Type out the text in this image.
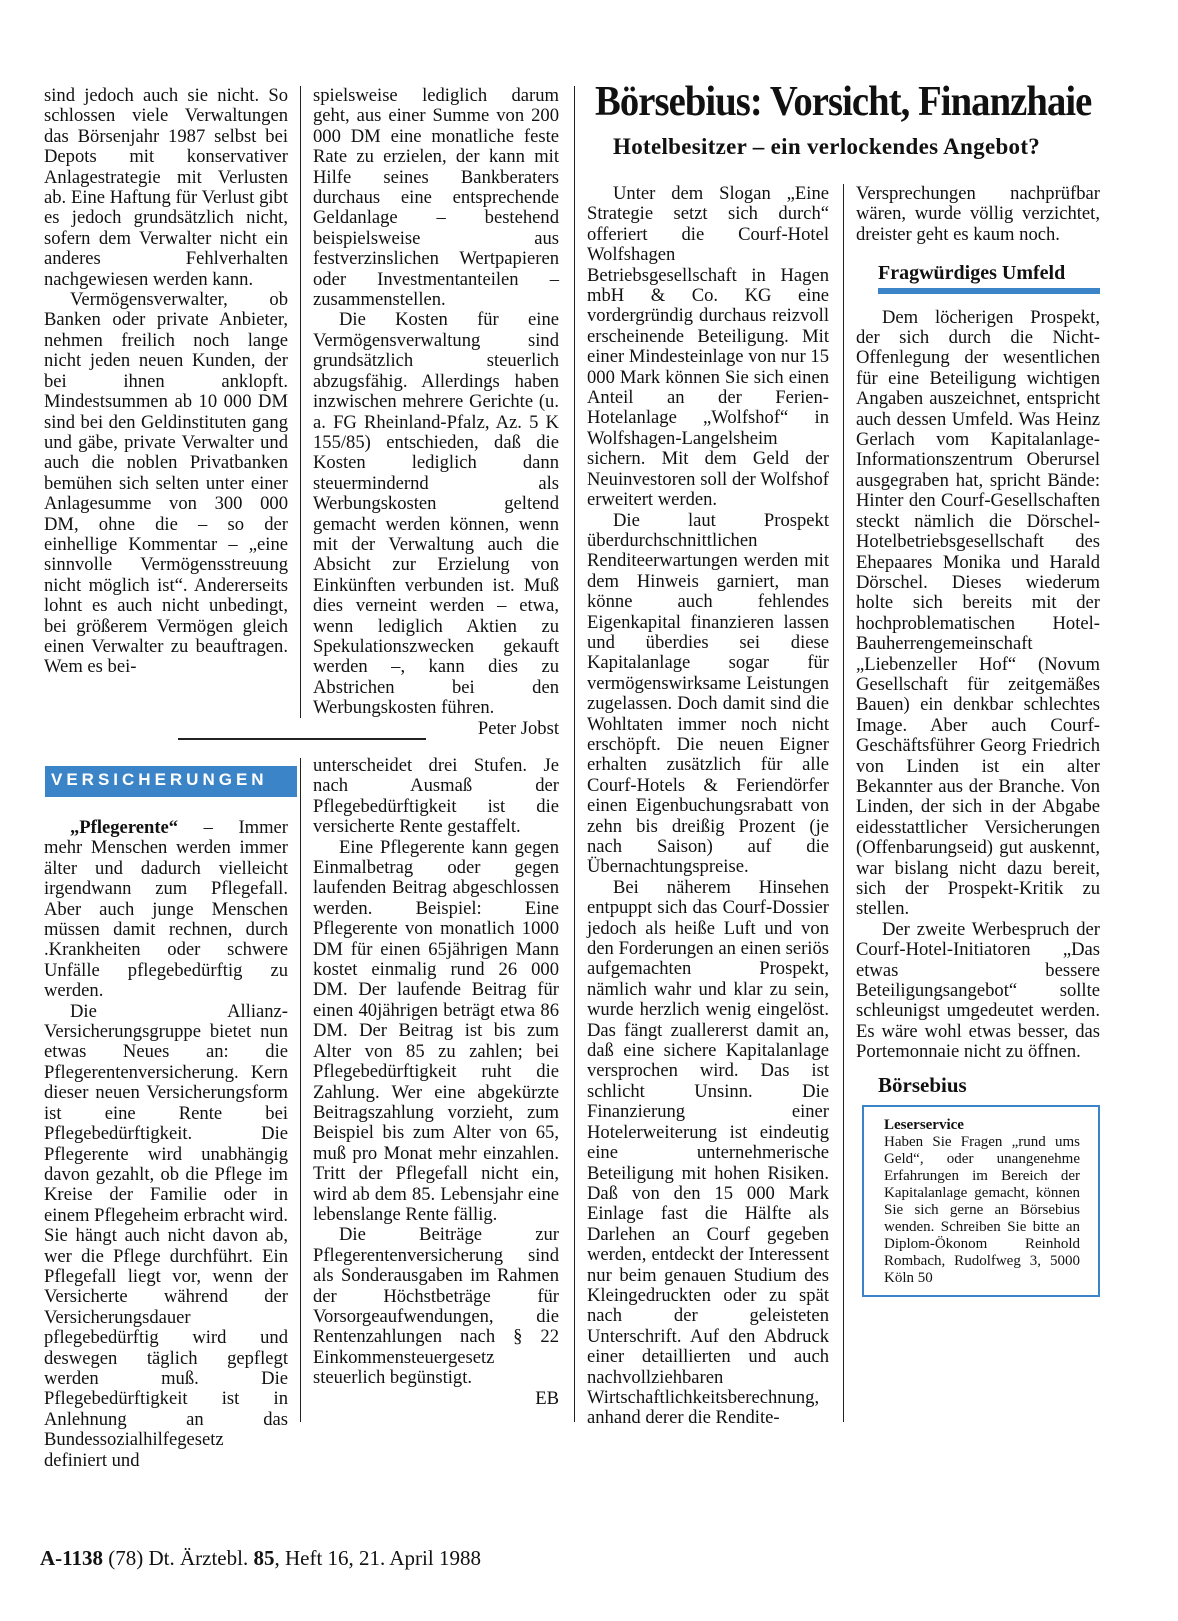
sind jedoch auch sie nicht. So schlossen viele Verwaltungen das Börsenjahr 1987 selbst bei Depots mit konservativer Anlagestrategie mit Verlusten ab. Eine Haftung für Verlust gibt es jedoch grundsätzlich nicht, sofern dem Verwalter nicht ein anderes Fehlverhalten nachgewiesen werden kann.

Vermögensverwalter, ob Banken oder private Anbieter, nehmen freilich noch lange nicht jeden neuen Kunden, der bei ihnen anklopft. Mindestsummen ab 10 000 DM sind bei den Geldinstituten gang und gäbe, private Verwalter und auch die noblen Privatbanken bemühen sich selten unter einer Anlagesumme von 300 000 DM, ohne die – so der einhellige Kommentar – „eine sinnvolle Vermögensstreuung nicht möglich ist“. Andererseits lohnt es auch nicht unbedingt, bei größerem Vermögen gleich einen Verwalter zu beauftragen. Wem es bei-

spielsweise lediglich darum geht, aus einer Summe von 200 000 DM eine monatliche feste Rate zu erzielen, der kann mit Hilfe seines Bankberaters durchaus eine entsprechende Geldanlage – bestehend beispielsweise aus festverzinslichen Wertpapieren oder Investmentanteilen – zusammenstellen.

Die Kosten für eine Vermögensverwaltung sind grundsätzlich steuerlich abzugsfähig. Allerdings haben inzwischen mehrere Gerichte (u. a. FG Rheinland-Pfalz, Az. 5 K 155/85) entschieden, daß die Kosten lediglich dann steuermindernd als Werbungskosten geltend gemacht werden können, wenn mit der Verwaltung auch die Absicht zur Erzielung von Einkünften verbunden ist. Muß dies verneint werden – etwa, wenn lediglich Aktien zu Spekulationszwecken gekauft werden –, kann dies zu Abstrichen bei den Werbungskosten führen.

Peter Jobst

VERSICHERUNGEN

„Pflegerente“ – Immer mehr Menschen werden immer älter und dadurch vielleicht irgendwann zum Pflegefall. Aber auch junge Menschen müssen damit rechnen, durch .Krankheiten oder schwere Unfälle pflegebedürftig zu werden.

Die Allianz-Versicherungsgruppe bietet nun etwas Neues an: die Pflegerentenversicherung. Kern dieser neuen Versicherungsform ist eine Rente bei Pflegebedürftigkeit. Die Pflegerente wird unabhängig davon gezahlt, ob die Pflege im Kreise der Familie oder in einem Pflegeheim erbracht wird. Sie hängt auch nicht davon ab, wer die Pflege durchführt. Ein Pflegefall liegt vor, wenn der Versicherte während der Versicherungsdauer pflegebedürftig wird und deswegen täglich gepflegt werden muß. Die Pflegebedürftigkeit ist in Anlehnung an das Bundessozialhilfegesetz definiert und

unterscheidet drei Stufen. Je nach Ausmaß der Pflegebedürftigkeit ist die versicherte Rente gestaffelt.

Eine Pflegerente kann gegen Einmalbetrag oder gegen laufenden Beitrag abgeschlossen werden. Beispiel: Eine Pflegerente von monatlich 1000 DM für einen 65jährigen Mann kostet einmalig rund 26 000 DM. Der laufende Beitrag für einen 40jährigen beträgt etwa 86 DM. Der Beitrag ist bis zum Alter von 85 zu zahlen; bei Pflegebedürftigkeit ruht die Zahlung. Wer eine abgekürzte Beitragszahlung vorzieht, zum Beispiel bis zum Alter von 65, muß pro Monat mehr einzahlen. Tritt der Pflegefall nicht ein, wird ab dem 85. Lebensjahr eine lebenslange Rente fällig.

Die Beiträge zur Pflegerentenversicherung sind als Sonderausgaben im Rahmen der Höchstbeträge für Vorsorgeaufwendungen, die Rentenzahlungen nach § 22 Einkommensteuergesetz steuerlich begünstigt.

EB

Börsebius: Vorsicht, Finanzhaie
Hotelbesitzer – ein verlockendes Angebot?

Unter dem Slogan „Eine Strategie setzt sich durch“ offeriert die Courf-Hotel Wolfshagen Betriebsgesellschaft in Hagen mbH & Co. KG eine vordergründig durchaus reizvoll erscheinende Beteiligung. Mit einer Mindesteinlage von nur 15 000 Mark können Sie sich einen Anteil an der Ferien-Hotelanlage „Wolfshof“ in Wolfshagen-Langelsheim sichern. Mit dem Geld der Neuinvestoren soll der Wolfshof erweitert werden.

Die laut Prospekt überdurchschnittlichen Renditeerwartungen werden mit dem Hinweis garniert, man könne auch fehlendes Eigenkapital finanzieren lassen und überdies sei diese Kapitalanlage sogar für vermögenswirksame Leistungen zugelassen. Doch damit sind die Wohltaten immer noch nicht erschöpft. Die neuen Eigner erhalten zusätzlich für alle Courf-Hotels & Feriendörfer einen Eigenbuchungsrabatt von zehn bis dreißig Prozent (je nach Saison) auf die Übernachtungspreise.

Bei näherem Hinsehen entpuppt sich das Courf-Dossier jedoch als heiße Luft und von den Forderungen an einen seriös aufgemachten Prospekt, nämlich wahr und klar zu sein, wurde herzlich wenig eingelöst. Das fängt zuallererst damit an, daß eine sichere Kapitalanlage versprochen wird. Das ist schlicht Unsinn. Die Finanzierung einer Hotelerweiterung ist eindeutig eine unternehmerische Beteiligung mit hohen Risiken. Daß von den 15 000 Mark Einlage fast die Hälfte als Darlehen an Courf gegeben werden, entdeckt der Interessent nur beim genauen Studium des Kleingedruckten oder zu spät nach der geleisteten Unterschrift. Auf den Abdruck einer detaillierten und auch nachvollziehbaren Wirtschaftlichkeitsberechnung, anhand derer die Rendite-

Versprechungen nachprüfbar wären, wurde völlig verzichtet, dreister geht es kaum noch.

Fragwürdiges Umfeld

Dem löcherigen Prospekt, der sich durch die Nicht-Offenlegung der wesentlichen für eine Beteiligung wichtigen Angaben auszeichnet, entspricht auch dessen Umfeld. Was Heinz Gerlach vom Kapitalanlage-Informationszentrum Oberursel ausgegraben hat, spricht Bände: Hinter den Courf-Gesellschaften steckt nämlich die Dörschel-Hotelbetriebsgesellschaft des Ehepaares Monika und Harald Dörschel. Dieses wiederum holte sich bereits mit der hochproblematischen Hotel-Bauherrengemeinschaft „Liebenzeller Hof“ (Novum Gesellschaft für zeitgemäßes Bauen) ein denkbar schlechtes Image. Aber auch Courf-Geschäftsführer Georg Friedrich von Linden ist ein alter Bekannter aus der Branche. Von Linden, der sich in der Abgabe eidesstattlicher Versicherungen (Offenbarungseid) gut auskennt, war bislang nicht dazu bereit, sich der Prospekt-Kritik zu stellen.

Der zweite Werbespruch der Courf-Hotel-Initiatoren „Das etwas bessere Beteiligungsangebot“ sollte schleunigst umgedeutet werden. Es wäre wohl etwas besser, das Portemonnaie nicht zu öffnen.

Börsebius
Leserservice
Haben Sie Fragen „rund ums Geld“, oder unangenehme Erfahrungen im Bereich der Kapitalanlage gemacht, können Sie sich gerne an Börsebius wenden. Schreiben Sie bitte an Diplom-Ökonom Reinhold Rombach, Rudolfweg 3, 5000 Köln 50
A-1138 (78) Dt. Ärztebl. 85, Heft 16, 21. April 1988
